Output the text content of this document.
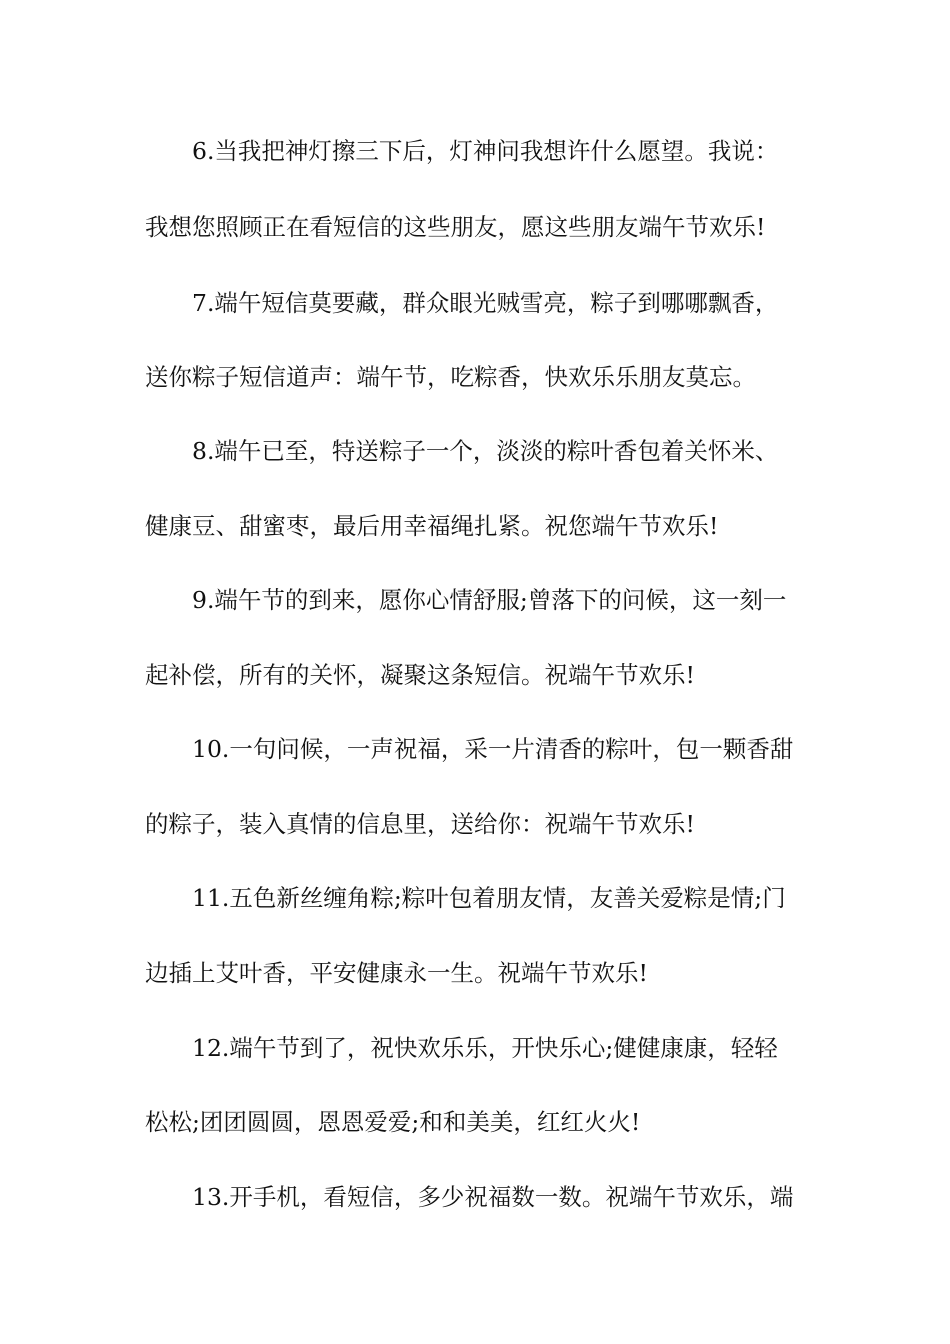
6.当我把神灯擦三下后，灯神问我想许什么愿望。我说：
我想您照顾正在看短信的这些朋友，愿这些朋友端午节欢乐!
7.端午短信莫要藏，群众眼光贼雪亮，粽子到哪哪飘香，
送你粽子短信道声：端午节，吃粽香，快欢乐乐朋友莫忘。
8.端午已至，特送粽子一个，淡淡的粽叶香包着关怀米、
健康豆、甜蜜枣，最后用幸福绳扎紧。祝您端午节欢乐!
9.端午节的到来，愿你心情舒服;曾落下的问候，这一刻一
起补偿，所有的关怀，凝聚这条短信。祝端午节欢乐!
10.一句问候，一声祝福，采一片清香的粽叶，包一颗香甜
的粽子，装入真情的信息里，送给你：祝端午节欢乐!
11.五色新丝缠角粽;粽叶包着朋友情，友善关爱粽是情;门
边插上艾叶香，平安健康永一生。祝端午节欢乐!
12.端午节到了，祝快欢乐乐，开快乐心;健健康康，轻轻
松松;团团圆圆，恩恩爱爱;和和美美，红红火火!
13.开手机，看短信，多少祝福数一数。祝端午节欢乐，端
